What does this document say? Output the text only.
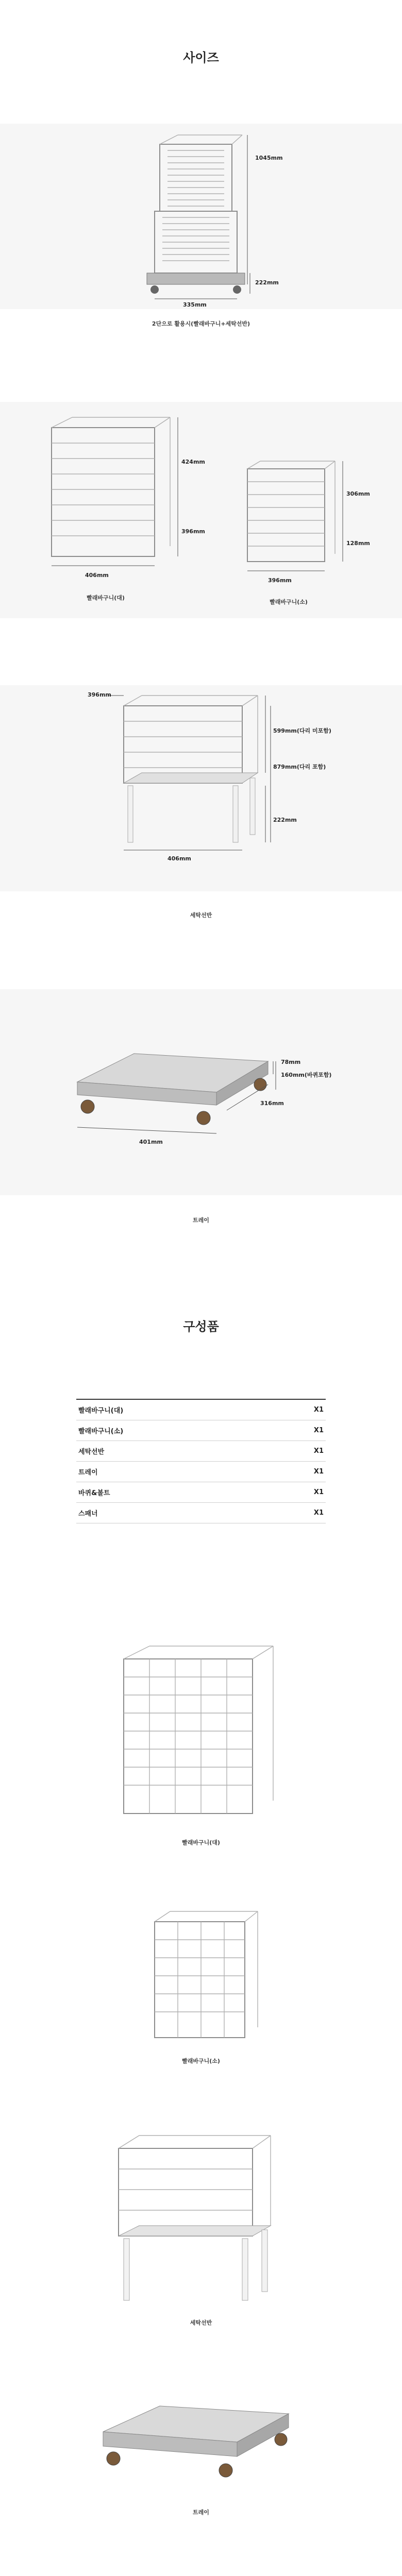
사이즈
1045mm
222mm
335mm
2단으로 활용시(빨래바구니+세탁선반)
424mm
396mm
406mm
306mm
128mm
396mm
빨래바구니(대)
빨래바구니(소)
396mm
599mm(다리 미포함)
879mm(다리 포함)
222mm
406mm
세탁선반
78mm
160mm(바퀴포함)
316mm
401mm
트레이
구성품
빨래바구니(대)	X1
빨래바구니(소)	X1
세탁선반	X1
트레이	X1
바퀴&볼트	X1
스패너	X1
빨래바구니(대)
빨래바구니(소)
세탁선반
트레이
